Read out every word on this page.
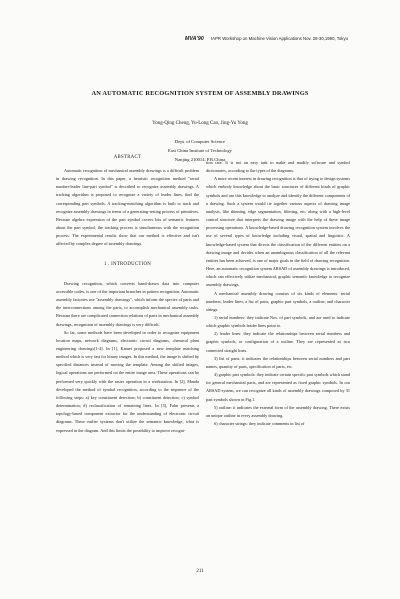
MVA'90 IAPR Workshop on Machine Vision Applications Nov. 28-30,1990, Tokyo
AN AUTOMATIC RECOGNITION SYSTEM OF ASSEMBLY DRAWINGS
Yong-Qing Cheng, Yu-Long Cao, Jing-Yu Yong
Dept. of Computer Science
East China Institute of Technology
Nanjing 210014, P.R.China
ABSTRACT

Automatic recognition of mechanical assembly drawings is a difficult problem in drawing recognition. In this paper, a heuristic recognition method "serial number-leader line-part symbol" is described to recognize assembly drawings. A tracking algorithm is proposed to recognize a variety of leader lines, find the corresponding part symbols. A tracking-matching algorithm is built to track and recognize assembly drawings in terms of a generating-testing process of primitives. Because algebra expression of the part symbol covers lots of semantic features about the part symbol, the tracking process is simultaneous with the recognition process. The experimental results show that our method is effective and isn't affected by complex degree of assembly drawings.

1 . INTRODUCTION

Drawing recognition, which converts hand-drawn data into computer accessible codes, is one of the important branches in pattern recognition. Automatic assembly factories use "assembly drawings", which inform the species of parts and the interconnections among the parts, to accomplish mechanical assembly tasks. Because there are complicated connection relations of parts in mechanical assembly drawings, recognition of assembly drawings is very difficult.

So far, some methods have been developed in order to recognize equipment location maps, network diagrams, electronic circuit diagrams, chemical plant engineering drawings[1-4]. In [1], Kamei proposed a new template matching method which is very fast for binary images. In this method, the image is shifted by specified distances instead of moving the template. Among the shifted images, logical operations are performed on the entire image area. These operations can be performed very quickly with the raster operation in a workstation. In [2], Manda developed the method of symbol recognition, according to the sequence of the following steps: a) key constituent detection; b) constituent detection; c) symbol determination; d) reclassification of remaining lines. In [3], Fahn presents a topology-based component extractor for the understanding of electronic circuit diagrams. These earlier systems don't utilize the semantic knowledge, what is expressed in the diagram. And this limits the possibility to improve recogni-

tion rate. It is not an easy task to make and modify software and symbol dictionaries, according to the types of the diagrams.

A more recent interest in drawing recognition is that of trying to design systems which embody knowledge about the basic structures of different kinds of graphic symbols and use this knowledge to analyze and identify the different components of a drawing. Such a system would tie together various aspects of drawing image analysis, like thinning, edge segmentation, filtering, etc. along with a high-level control structure that interprets the drawing image with the help of these image processing operations. A knowledge-based drawing recognition system involves the use of several types of knowledge including visual, spatial and linguistic. A knowledge-based system that directs the classification of the different entities on a drawing image and decides when an unambiguous classification of all the relevant entities has been achieved, is one of major goals in the field of drawing recognition. Here, an automatic recognition system ARSAD of assembly drawings is introduced, which can effectively utilize mechanical, graphic semantic knowledge to recognize assembly drawings.

A mechanical assembly drawing consists of six kinds of elements: serial numbers, leader lines, a list of parts, graphic part symbols, a outline, and character strings.

1) serial numbers: they indicate Nos. of part symbols, and are used to indicate which graphic symbols leader lines point to.

2) leader lines: they indicate the relationships between serial numbers and graphic symbols, or configuration of a outline. They are represented as two connected straight lines.

3) list of parts: it indicates the relationships between serial numbers and part names, quantity of parts, specification of parts, etc.

4) graphic part symbols: they indicate certain specific part symbols which stand for general mechanical parts, and are represented as fixed graphic symbols. In our ARSAD system, we can recognize all kinds of assembly drawings composed by 31 part symbols shown in Fig.1.

5) outline: it indicates the external form of the assembly drawing. There exists an unique outline in every assembly drawing.

6) character strings: they indicate comments in list of

211
